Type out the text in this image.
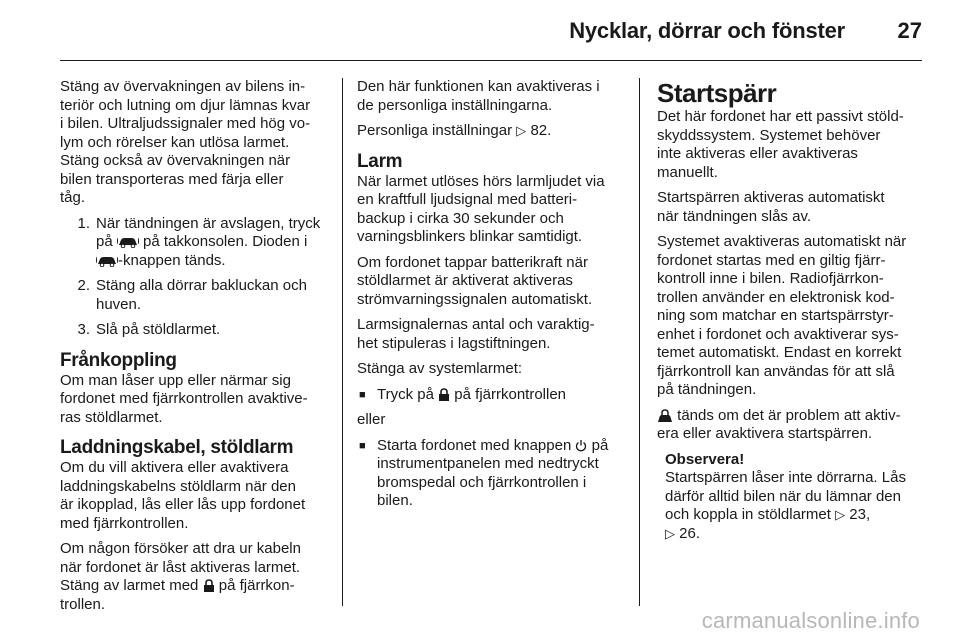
Nycklar, dörrar och fönster 27

Stäng av övervakningen av bilens in-
teriör och lutning om djur lämnas kvar
i bilen. Ultraljudssignaler med hög vo-
lym och rörelser kan utlösa larmet.
Stäng också av övervakningen när
bilen transporteras med färja eller
tåg.

1. När tändningen är avslagen, tryck
på på takkonsolen. Dioden i
-knappen tänds.
2. Stäng alla dörrar bakluckan och
huven.
3. Slå på stöldlarmet.
Frånkoppling

Om man låser upp eller närmar sig
fordonet med fjärrkontrollen avaktive-
ras stöldlarmet.

Laddningskabel, stöldlarm

Om du vill aktivera eller avaktivera
laddningskabelns stöldlarm när den
är ikopplad, lås eller lås upp fordonet
med fjärrkontrollen.

Om någon försöker att dra ur kabeln
när fordonet är låst aktiveras larmet.
Stäng av larmet med på fjärrkon-
trollen.

Den här funktionen kan avaktiveras i
de personliga inställningarna.

Personliga inställningar ▷ 82.

Larm

När larmet utlöses hörs larmljudet via
en kraftfull ljudsignal med batteri-
backup i cirka 30 sekunder och
varningsblinkers blinkar samtidigt.

Om fordonet tappar batterikraft när
stöldlarmet är aktiverat aktiveras
strömvarningssignalen automatiskt.

Larmsignalernas antal och varaktig-
het stipuleras i lagstiftningen.

Stänga av systemlarmet:

■ Tryck på på fjärrkontrollen

eller

■ Starta fordonet med knappen på
instrumentpanelen med nedtryckt
bromspedal och fjärrkontrollen i
bilen.
Startspärr

Det här fordonet har ett passivt stöld-
skyddssystem. Systemet behöver
inte aktiveras eller avaktiveras
manuellt.

Startspärren aktiveras automatiskt
när tändningen slås av.

Systemet avaktiveras automatiskt när
fordonet startas med en giltig fjärr-
kontroll inne i bilen. Radiofjärrkon-
trollen använder en elektronisk kod-
ning som matchar en startspärrstyr-
enhet i fordonet och avaktiverar sys-
temet automatiskt. Endast en korrekt
fjärrkontroll kan användas för att slå
på tändningen.

tänds om det är problem att aktiv-
era eller avaktivera startspärren.

Observera!

Startspärren låser inte dörrarna. Lås
därför alltid bilen när du lämnar den
och koppla in stöldlarmet ▷ 23,
▷ 26.

carmanualsonline.info
